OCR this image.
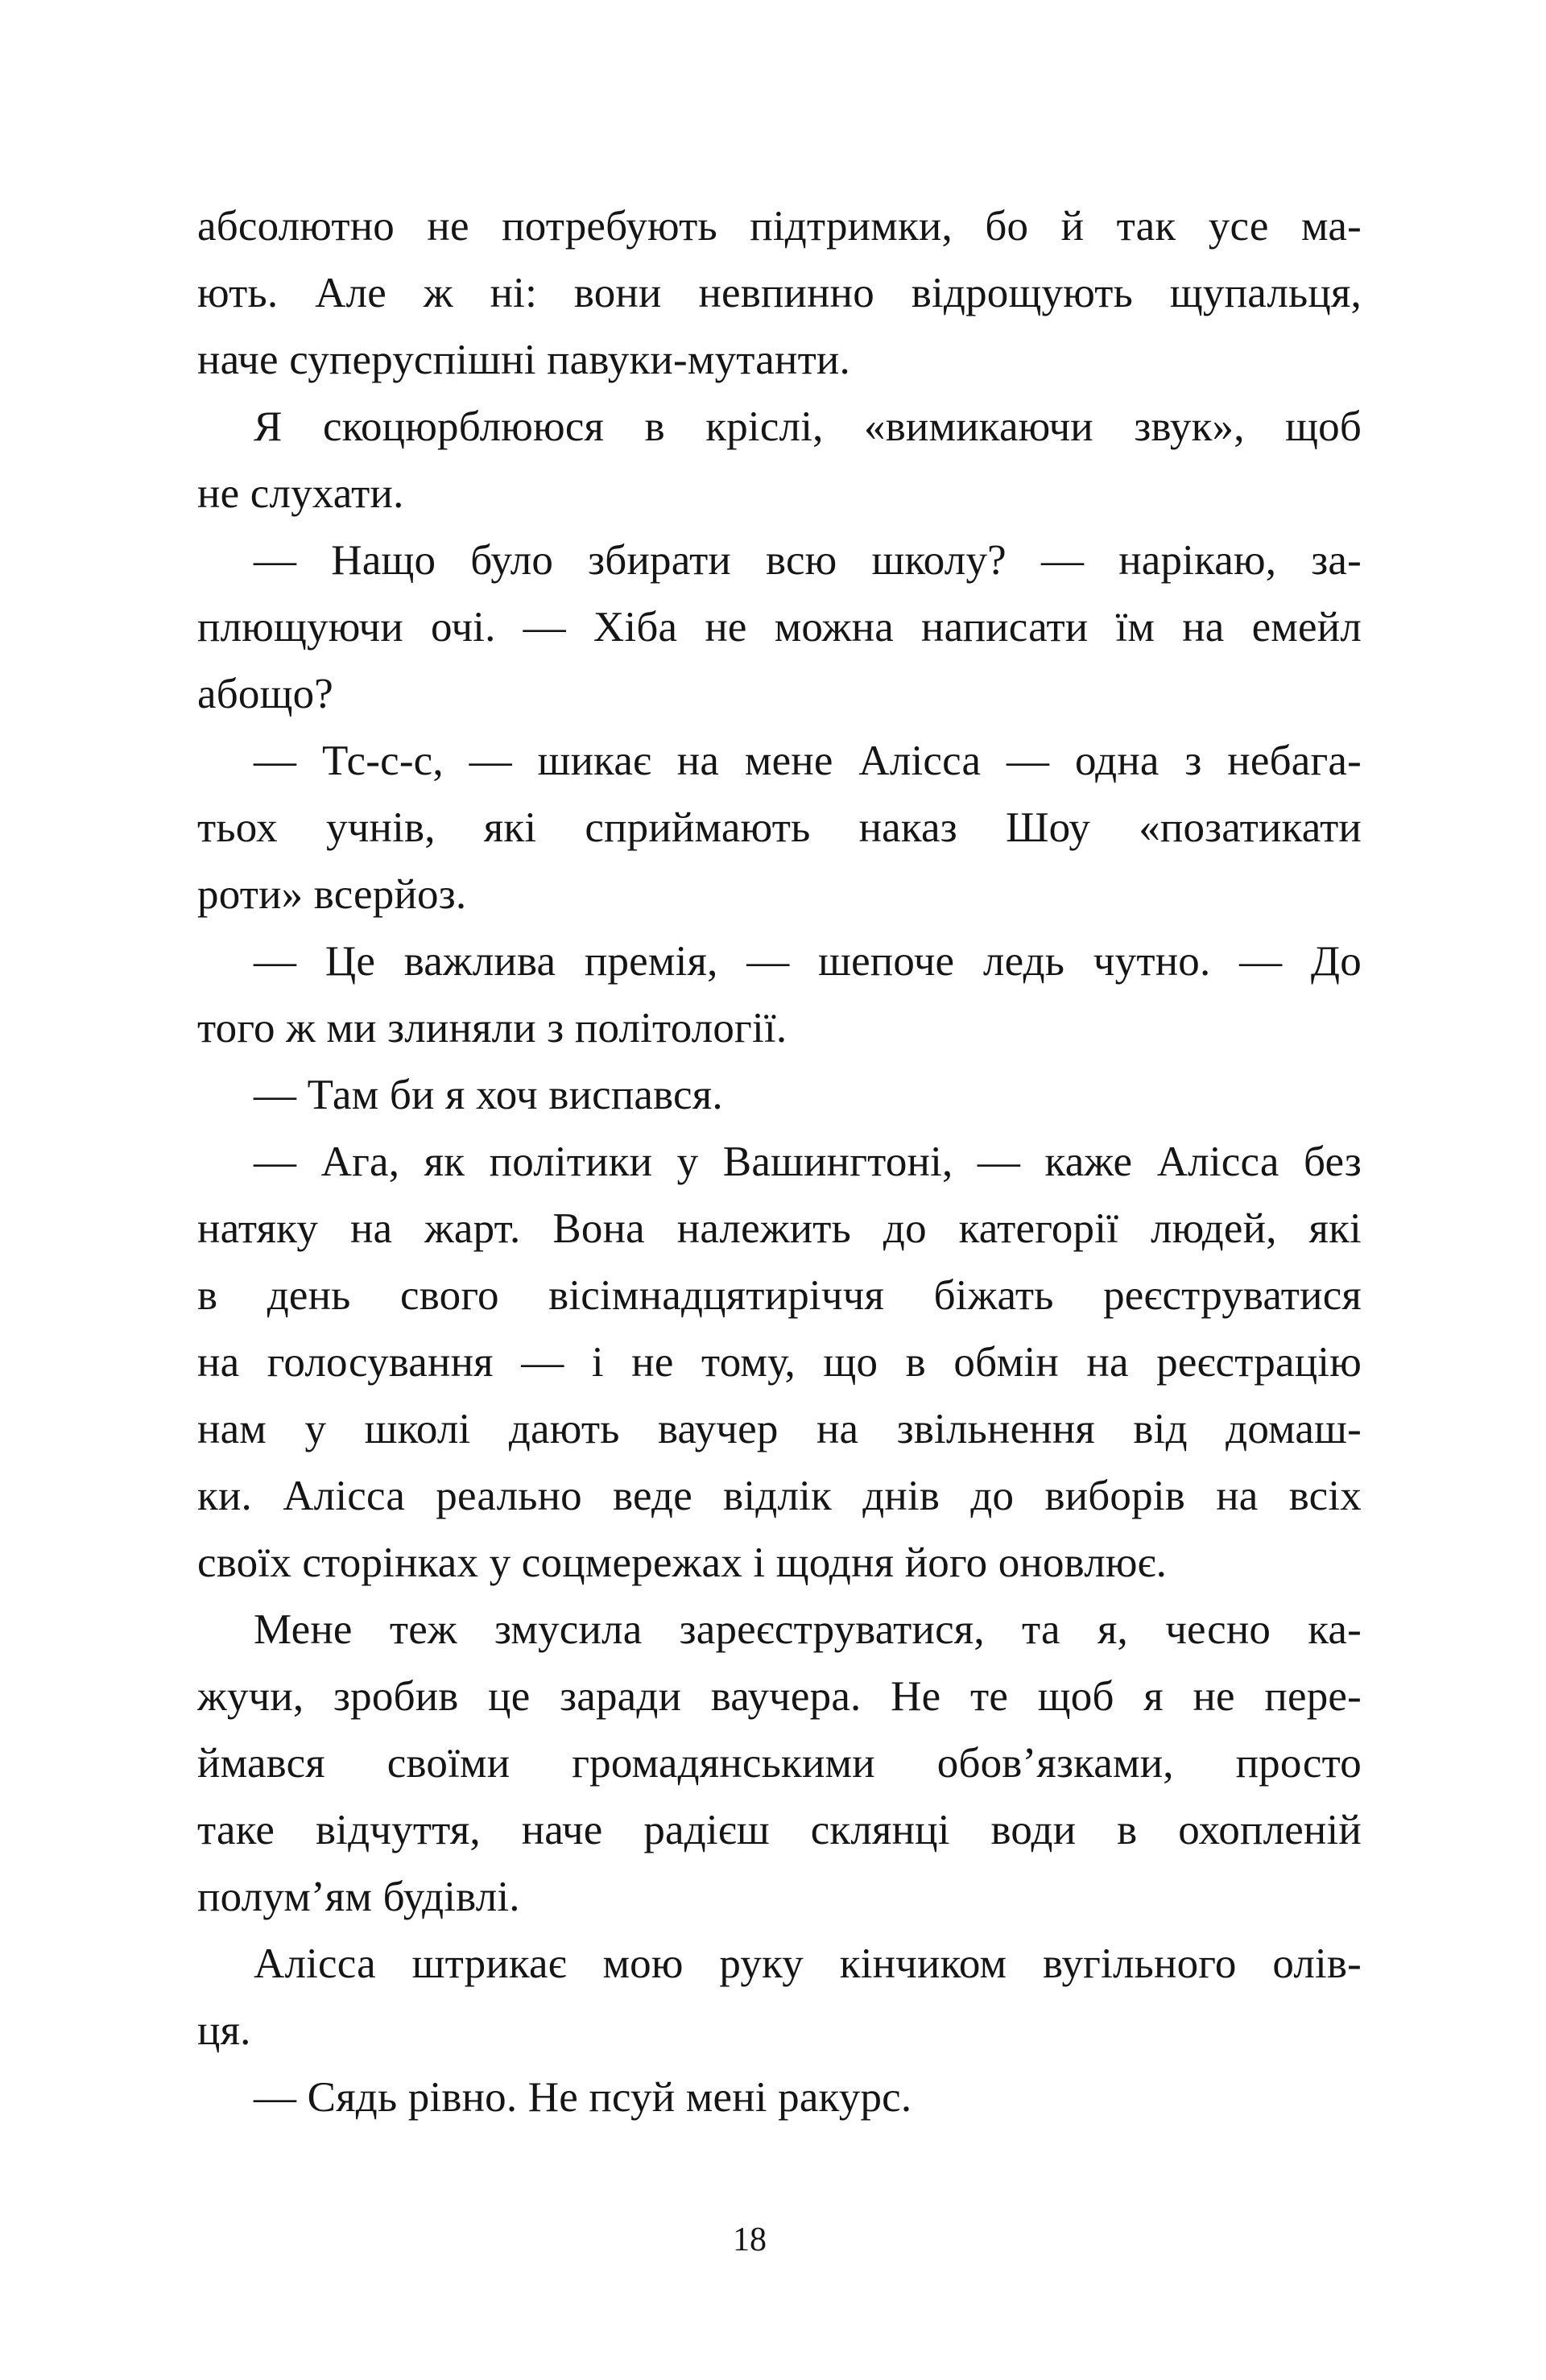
абсолютно не потребують підтримки, бо й так усе ма-
ють. Але ж ні: вони невпинно відрощують щупальця,
наче суперуспішні павуки-мутанти.
Я скоцюрблююся в кріслі, «вимикаючи звук», щоб
не слухати.
— Нащо було збирати всю школу? — нарікаю, за-
плющуючи очі. — Хіба не можна написати їм на емейл
абощо?
— Тс-с-с, — шикає на мене Алісса — одна з небага-
тьох учнів, які сприймають наказ Шоу «позатикати
роти» всерйоз.
— Це важлива премія, — шепоче ледь чутно. — До
того ж ми злиняли з політології.
— Там би я хоч виспався.
— Ага, як політики у Вашингтоні, — каже Алісса без
натяку на жарт. Вона належить до категорії людей, які
в день свого вісімнадцятиріччя біжать реєструватися
на голосування — і не тому, що в обмін на реєстрацію
нам у школі дають ваучер на звільнення від домаш-
ки. Алісса реально веде відлік днів до виборів на всіх
своїх сторінках у соцмережах і щодня його оновлює.
Мене теж змусила зареєструватися, та я, чесно ка-
жучи, зробив це заради ваучера. Не те щоб я не пере-
ймався своїми громадянськими обов’язками, просто
таке відчуття, наче радієш склянці води в охопленій
полум’ям будівлі.
Алісса штрикає мою руку кінчиком вугільного олів-
ця.
— Сядь рівно. Не псуй мені ракурс.
18
